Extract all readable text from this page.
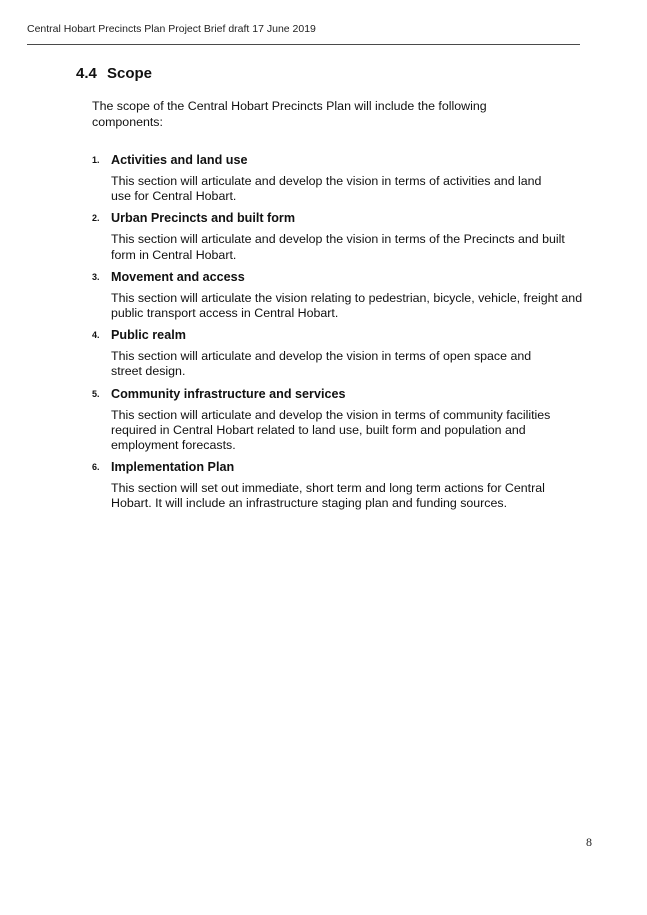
Central Hobart Precincts Plan Project Brief draft 17 June 2019
4.4 Scope

The scope of the Central Hobart Precincts Plan will include the following components:

1. Activities and land use
This section will articulate and develop the vision in terms of activities and land use for Central Hobart.
2. Urban Precincts and built form
This section will articulate and develop the vision in terms of the Precincts and built form in Central Hobart.
3. Movement and access
This section will articulate the vision relating to pedestrian, bicycle, vehicle, freight and public transport access in Central Hobart.
4. Public realm
This section will articulate and develop the vision in terms of open space and street design.
5. Community infrastructure and services
This section will articulate and develop the vision in terms of community facilities required in Central Hobart related to land use, built form and population and employment forecasts.
6. Implementation Plan
This section will set out immediate, short term and long term actions for Central Hobart. It will include an infrastructure staging plan and funding sources.
8
